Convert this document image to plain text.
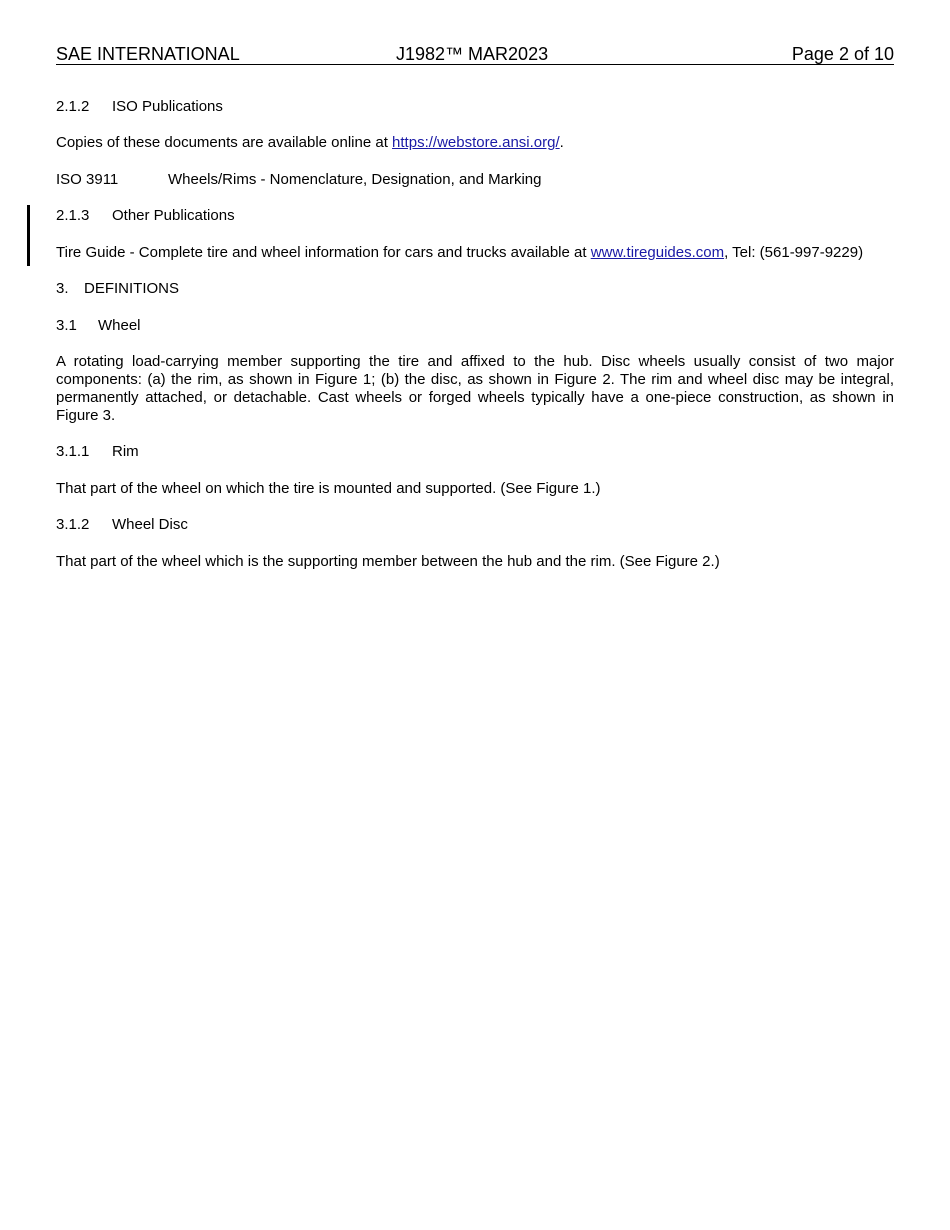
SAE INTERNATIONAL	J1982™ MAR2023	Page 2 of 10
2.1.2 ISO Publications
Copies of these documents are available online at https://webstore.ansi.org/.
ISO 3911	Wheels/Rims - Nomenclature, Designation, and Marking
2.1.3 Other Publications
Tire Guide - Complete tire and wheel information for cars and trucks available at www.tireguides.com, Tel: (561-997-9229)
3. DEFINITIONS
3.1 Wheel
A rotating load-carrying member supporting the tire and affixed to the hub. Disc wheels usually consist of two major components: (a) the rim, as shown in Figure 1; (b) the disc, as shown in Figure 2. The rim and wheel disc may be integral, permanently attached, or detachable. Cast wheels or forged wheels typically have a one-piece construction, as shown in Figure 3.
3.1.1 Rim
That part of the wheel on which the tire is mounted and supported. (See Figure 1.)
3.1.2 Wheel Disc
That part of the wheel which is the supporting member between the hub and the rim. (See Figure 2.)
